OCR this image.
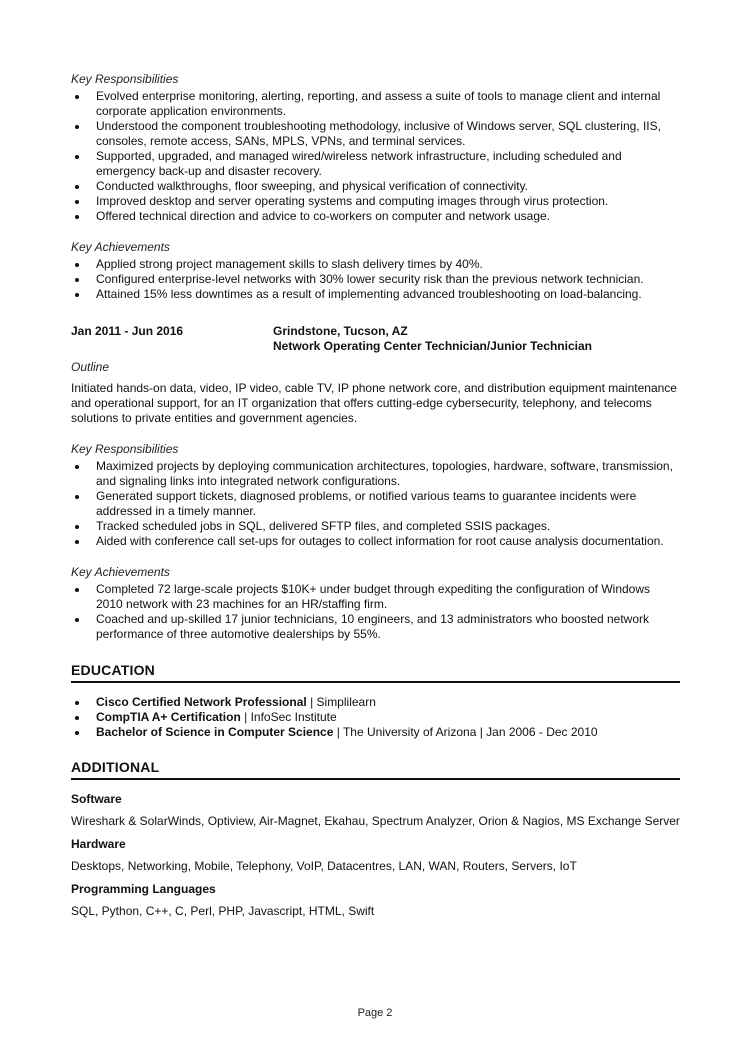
Key Responsibilities
Evolved enterprise monitoring, alerting, reporting, and assess a suite of tools to manage client and internal corporate application environments.
Understood the component troubleshooting methodology, inclusive of Windows server, SQL clustering, IIS, consoles, remote access, SANs, MPLS, VPNs, and terminal services.
Supported, upgraded, and managed wired/wireless network infrastructure, including scheduled and emergency back-up and disaster recovery.
Conducted walkthroughs, floor sweeping, and physical verification of connectivity.
Improved desktop and server operating systems and computing images through virus protection.
Offered technical direction and advice to co-workers on computer and network usage.
Key Achievements
Applied strong project management skills to slash delivery times by 40%.
Configured enterprise-level networks with 30% lower security risk than the previous network technician.
Attained 15% less downtimes as a result of implementing advanced troubleshooting on load-balancing.
Jan 2011 - Jun 2016	Grindstone, Tucson, AZ
Network Operating Center Technician/Junior Technician
Outline

Initiated hands-on data, video, IP video, cable TV, IP phone network core, and distribution equipment maintenance and operational support, for an IT organization that offers cutting-edge cybersecurity, telephony, and telecoms solutions to private entities and government agencies.

Key Responsibilities
Maximized projects by deploying communication architectures, topologies, hardware, software, transmission, and signaling links into integrated network configurations.
Generated support tickets, diagnosed problems, or notified various teams to guarantee incidents were addressed in a timely manner.
Tracked scheduled jobs in SQL, delivered SFTP files, and completed SSIS packages.
Aided with conference call set-ups for outages to collect information for root cause analysis documentation.
Key Achievements
Completed 72 large-scale projects $10K+ under budget through expediting the configuration of Windows 2010 network with 23 machines for an HR/staffing firm.
Coached and up-skilled 17 junior technicians, 10 engineers, and 13 administrators who boosted network performance of three automotive dealerships by 55%.
EDUCATION
Cisco Certified Network Professional | Simplilearn
CompTIA A+ Certification | InfoSec Institute
Bachelor of Science in Computer Science | The University of Arizona | Jan 2006 - Dec 2010
ADDITIONAL

Software

Wireshark & SolarWinds, Optiview, Air-Magnet, Ekahau, Spectrum Analyzer, Orion & Nagios, MS Exchange Server

Hardware

Desktops, Networking, Mobile, Telephony, VoIP, Datacentres, LAN, WAN, Routers, Servers, IoT

Programming Languages

SQL, Python, C++, C, Perl, PHP, Javascript, HTML, Swift

Page 2
